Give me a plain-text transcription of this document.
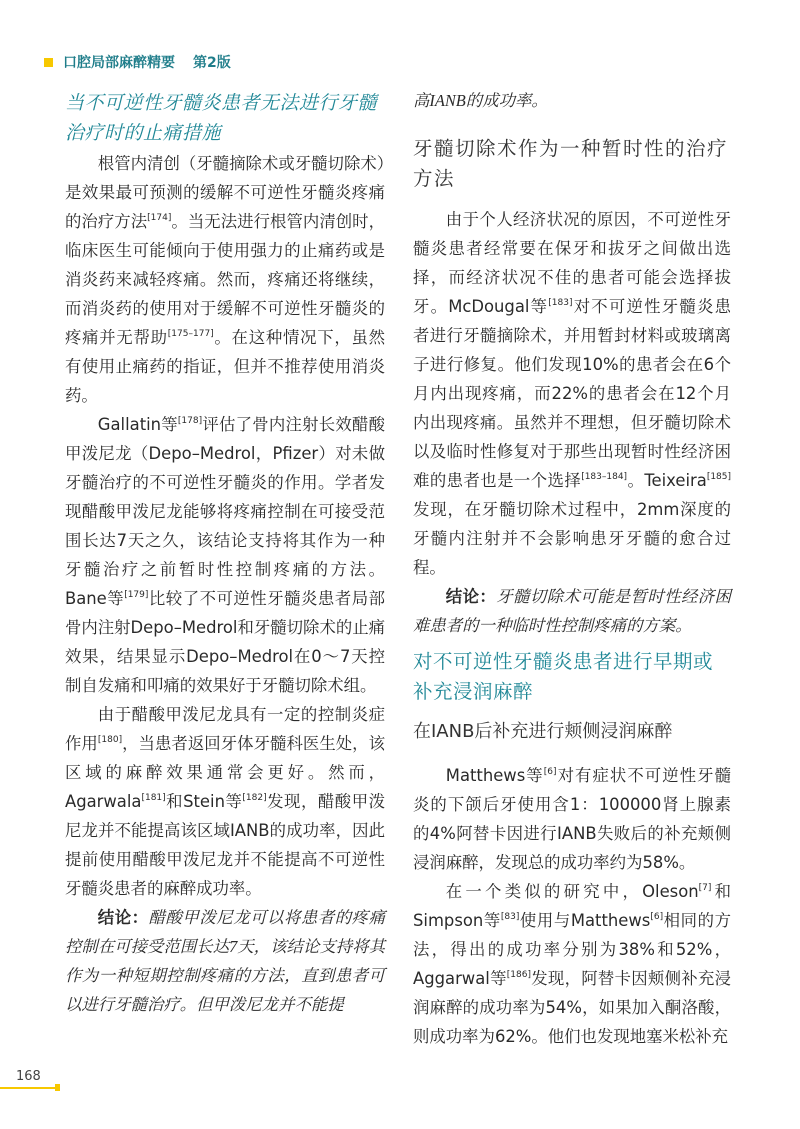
口腔局部麻醉精要 第2版
当不可逆性牙髓炎患者无法进行牙髓治疗时的止痛措施

根管内清创（牙髓摘除术或牙髓切除术）是效果最可预测的缓解不可逆性牙髓炎疼痛的治疗方法[174]。当无法进行根管内清创时，临床医生可能倾向于使用强力的止痛药或是消炎药来减轻疼痛。然而，疼痛还将继续，而消炎药的使用对于缓解不可逆性牙髓炎的疼痛并无帮助[175–177]。在这种情况下，虽然有使用止痛药的指证，但并不推荐使用消炎药。

Gallatin等[178]评估了骨内注射长效醋酸甲泼尼龙（Depo–Medrol，Pfizer）对未做牙髓治疗的不可逆性牙髓炎的作用。学者发现醋酸甲泼尼龙能够将疼痛控制在可接受范围长达7天之久，该结论支持将其作为一种牙髓治疗之前暂时性控制疼痛的方法。Bane等[179]比较了不可逆性牙髓炎患者局部骨内注射Depo–Medrol和牙髓切除术的止痛效果，结果显示Depo–Medrol在0～7天控制自发痛和叩痛的效果好于牙髓切除术组。

由于醋酸甲泼尼龙具有一定的控制炎症作用[180]，当患者返回牙体牙髓科医生处，该区域的麻醉效果通常会更好。然而，Agarwala[181]和Stein等[182]发现，醋酸甲泼尼龙并不能提高该区域IANB的成功率，因此提前使用醋酸甲泼尼龙并不能提高不可逆性牙髓炎患者的麻醉成功率。

结论：醋酸甲泼尼龙可以将患者的疼痛控制在可接受范围长达7天，该结论支持将其作为一种短期控制疼痛的方法，直到患者可以进行牙髓治疗。但甲泼尼龙并不能提

高IANB的成功率。

牙髓切除术作为一种暂时性的治疗方法

由于个人经济状况的原因，不可逆性牙髓炎患者经常要在保牙和拔牙之间做出选择，而经济状况不佳的患者可能会选择拔牙。McDougal等[183]对不可逆性牙髓炎患者进行牙髓摘除术，并用暂封材料或玻璃离子进行修复。他们发现10%的患者会在6个月内出现疼痛，而22%的患者会在12个月内出现疼痛。虽然并不理想，但牙髓切除术以及临时性修复对于那些出现暂时性经济困难的患者也是一个选择[183–184]。Teixeira[185]发现，在牙髓切除术过程中，2mm深度的牙髓内注射并不会影响患牙牙髓的愈合过程。

结论：牙髓切除术可能是暂时性经济困难患者的一种临时性控制疼痛的方案。

对不可逆性牙髓炎患者进行早期或补充浸润麻醉
在IANB后补充进行颊侧浸润麻醉

Matthews等[6]对有症状不可逆性牙髓炎的下颌后牙使用含1：100000肾上腺素的4%阿替卡因进行IANB失败后的补充颊侧浸润麻醉，发现总的成功率约为58%。

在一个类似的研究中，Oleson[7]和Simpson等[83]使用与Matthews[6]相同的方法，得出的成功率分别为38%和52%，Aggarwal等[186]发现，阿替卡因颊侧补充浸润麻醉的成功率为54%，如果加入酮洛酸，则成功率为62%。他们也发现地塞米松补充

168
